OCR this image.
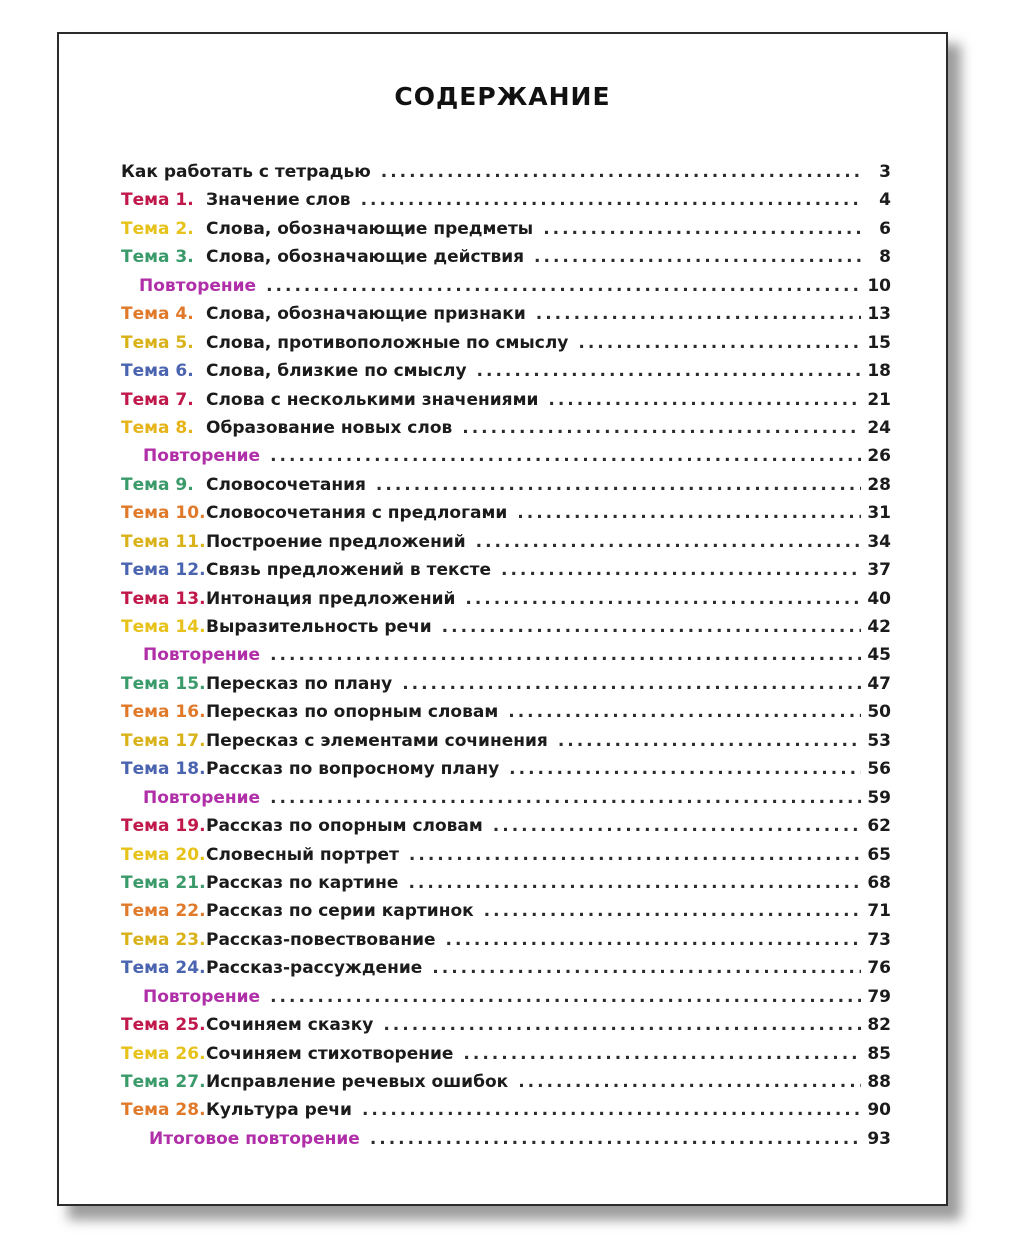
СОДЕРЖАНИЕ
Как работать с тетрадью .....	3
Тема 1. Значение слов .....	4
Тема 2. Слова, обозначающие предметы .....	6
Тема 3. Слова, обозначающие действия .....	8
Повторение .....	10
Тема 4. Слова, обозначающие признаки .....	13
Тема 5. Слова, противоположные по смыслу .....	15
Тема 6. Слова, близкие по смыслу .....	18
Тема 7. Слова с несколькими значениями .....	21
Тема 8. Образование новых слов .....	24
Повторение .....	26
Тема 9. Словосочетания .....	28
Тема 10. Словосочетания с предлогами .....	31
Тема 11. Построение предложений .....	34
Тема 12. Связь предложений в тексте .....	37
Тема 13. Интонация предложений .....	40
Тема 14. Выразительность речи .....	42
Повторение .....	45
Тема 15. Пересказ по плану .....	47
Тема 16. Пересказ по опорным словам .....	50
Тема 17. Пересказ с элементами сочинения .....	53
Тема 18. Рассказ по вопросному плану .....	56
Повторение .....	59
Тема 19. Рассказ по опорным словам .....	62
Тема 20. Словесный портрет .....	65
Тема 21. Рассказ по картине .....	68
Тема 22. Рассказ по серии картинок .....	71
Тема 23. Рассказ-повествование .....	73
Тема 24. Рассказ-рассуждение .....	76
Повторение .....	79
Тема 25. Сочиняем сказку .....	82
Тема 26. Сочиняем стихотворение .....	85
Тема 27. Исправление речевых ошибок .....	88
Тема 28. Культура речи .....	90
Итоговое повторение .....	93
